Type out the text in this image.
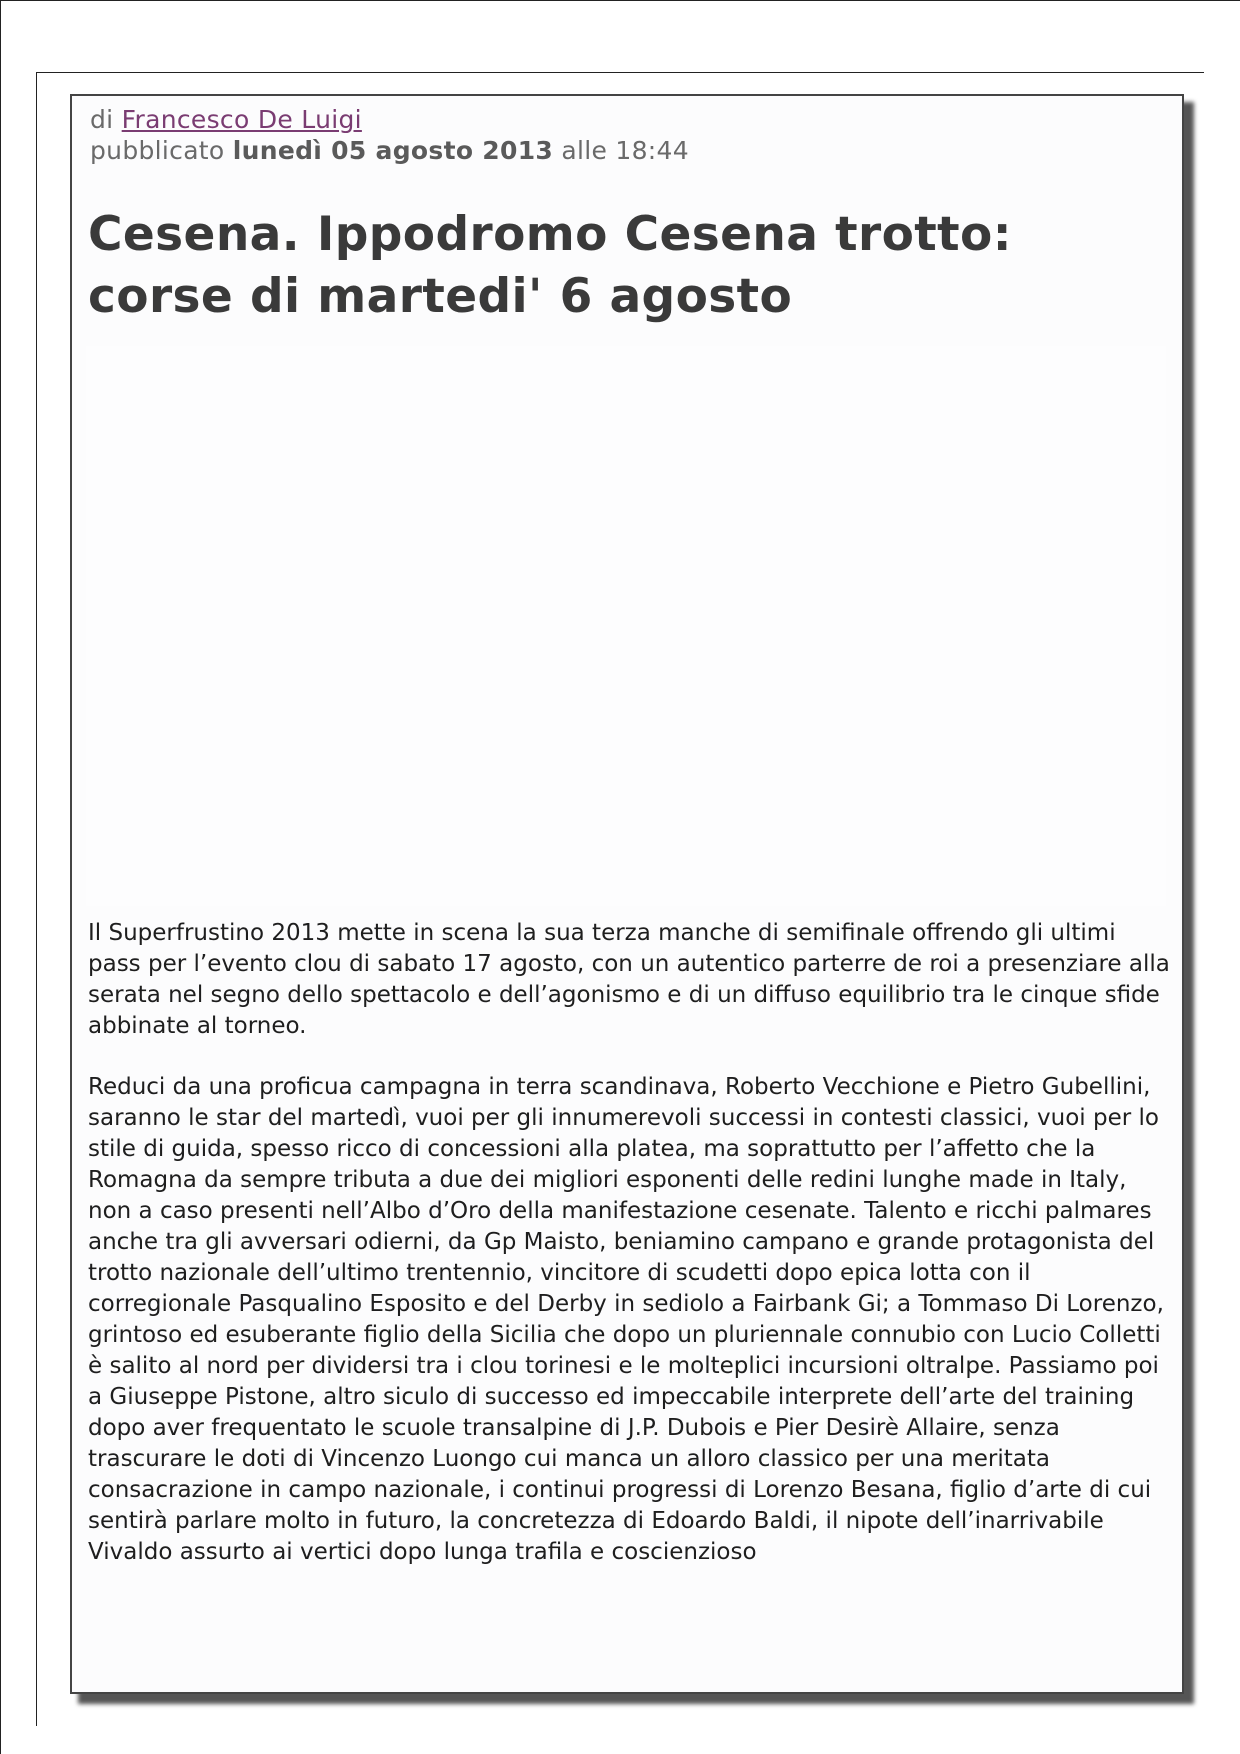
di Francesco De Luigi
pubblicato lunedì 05 agosto 2013 alle 18:44
Cesena. Ippodromo Cesena trotto:
corse di martedi' 6 agosto

Il Superfrustino 2013 mette in scena la sua terza manche di semifinale offrendo gli ultimi pass per l’evento clou di sabato 17 agosto, con un autentico parterre de roi a presenziare alla serata nel segno dello spettacolo e dell’agonismo e di un diffuso equilibrio tra le cinque sfide abbinate al torneo.

Reduci da una proficua campagna in terra scandinava, Roberto Vecchione e Pietro Gubellini, saranno le star del martedì, vuoi per gli innumerevoli successi in contesti classici, vuoi per lo stile di guida, spesso ricco di concessioni alla platea, ma soprattutto per l’affetto che la Romagna da sempre tributa a due dei migliori esponenti delle redini lunghe made in Italy, non a caso presenti nell’Albo d’Oro della manifestazione cesenate. Talento e ricchi palmares anche tra gli avversari odierni, da Gp Maisto, beniamino campano e grande protagonista del trotto nazionale dell’ultimo trentennio, vincitore di scudetti dopo epica lotta con il corregionale Pasqualino Esposito e del Derby in sediolo a Fairbank Gi; a Tommaso Di Lorenzo, grintoso ed esuberante figlio della Sicilia che dopo un pluriennale connubio con Lucio Colletti è salito al nord per dividersi tra i clou torinesi e le molteplici incursioni oltralpe. Passiamo poi a Giuseppe Pistone, altro siculo di successo ed impeccabile interprete dell’arte del training dopo aver frequentato le scuole transalpine di J.P. Dubois e Pier Desirè Allaire, senza trascurare le doti di Vincenzo Luongo cui manca un alloro classico per una meritata consacrazione in campo nazionale, i continui progressi di Lorenzo Besana, figlio d’arte di cui sentirà parlare molto in futuro, la concretezza di Edoardo Baldi, il nipote dell’inarrivabile Vivaldo assurto ai vertici dopo lunga trafila e coscienzioso
